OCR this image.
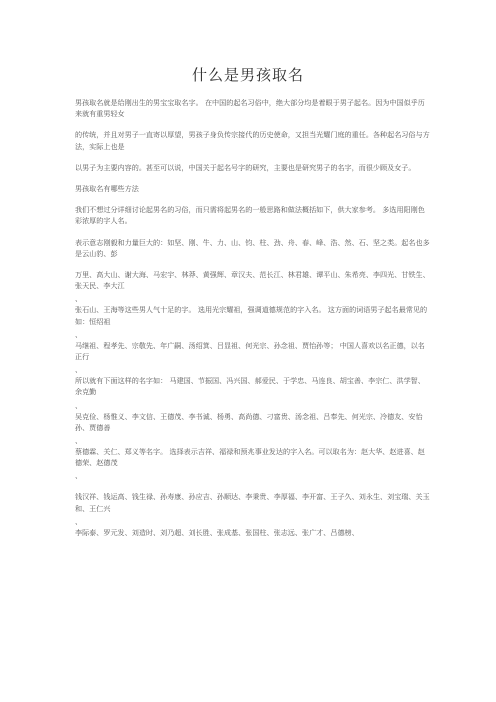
什么是男孩取名

男孩取名就是给刚出生的男宝宝取名字。 在中国的起名习俗中，绝大部分均是着眼于男子起名。因为中国似乎历来就有重男轻女

的传统，并且对男子一直寄以厚望，男孩子身负传宗接代的历史使命，又担当光耀门庭的重任。各种起名习俗与方法，实际上也是

以男子为主要内容的。甚至可以说，中国关于起名号字的研究，主要也是研究男子的名字，而很少顾及女子。

男孩取名有哪些方法

我们不想过分详细讨论起男名的习俗，而只需将起男名的一般思路和做法概括如下，供大家参考。 多选用阳刚色彩浓厚的字人名。

表示意志刚毅和力量巨大的：如坚、刚、牛、力、山、钧、柱、劲、舟、春、峰、浩、然、石、坚之类。起名也多是云山豹、彭

万里、高大山、谢大海、马宏宇、林莽、黄强辉、章汉夫、范长江、林君雄、谭平山、朱希亮、李四光、甘铁生、张天民、李大江

、

张石山、王海等这些男人气十足的字。 选用光宗耀祖，强调道德规范的字入名。 这方面的词语男子起名最常见的如：恒绍祖

、

马继祖、程孝先、宗敬先、年广嗣、汤绍箕、吕显祖、何光宗、孙念祖、贾怡孙等； 中国人喜欢以名正德，以名正行

、

所以就有下面这样的名字如： 马建国、节振国、冯兴国、郝爱民、于学忠、马连良、胡宝善、李宗仁、洪学智、余克勤

、

吴克俭、杨惟义、李文信、王德茂、李书诚、杨勇、高尚德、刁富贵、汤念祖、吕奉先、何光宗、冷德友、安怡孙、贾德善

、

蔡德霖、关仁、郑义等名字。 选择表示吉祥、福禄和预兆事业发达的字入名。可以取名为：赵大华、赵进喜、赵德荣、赵德茂

、

钱汉祥、钱运高、钱生禄、孙寿康、孙应吉、孙顺达、李秉贵、李厚福、李开富、王子久、刘永生、刘宝瑞、关玉和、王仁兴

、

李际泰、罗元发、刘造时、刘乃超、刘长胜、张成基、张国柱、张志远、张广才、吕德榜、
